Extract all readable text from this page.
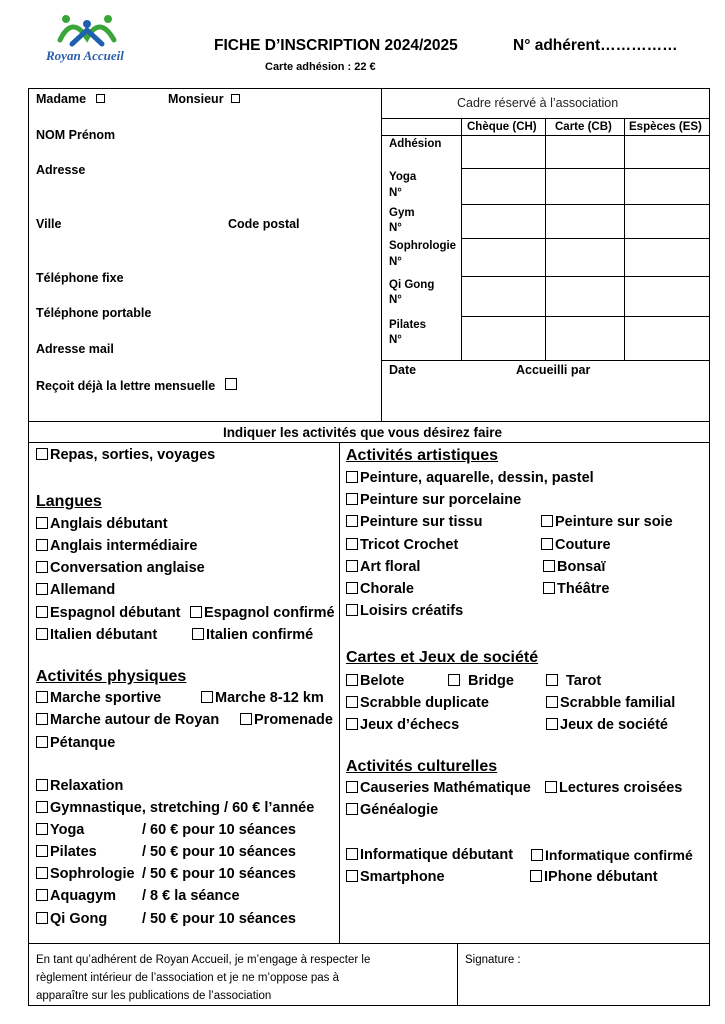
Royan Accueil
FICHE D’INSCRIPTION 2024/2025	N° adhérent……………
Carte adhésion : 22 €
Madame	Monsieur
NOM Prénom
Adresse
Ville	Code postal
Téléphone fixe
Téléphone portable
Adresse mail
Reçoit déjà la lettre mensuelle
Cadre réservé à l’association
Chèque (CH) Carte (CB) Espèces (ES)
Adhésion
Yoga
N°
Gym
N°
Sophrologie
N°
Qi Gong
N°
Pilates
N°
Date	Accueilli par
Indiquer les activités que vous désirez faire
Repas, sorties, voyages
Langues
Anglais débutant
Anglais intermédiaire
Conversation anglaise
Allemand
Espagnol débutant	Espagnol confirmé
Italien débutant	Italien confirmé
Activités physiques
Marche sportive	Marche 8-12 km
Marche autour de Royan	Promenade
Pétanque
Relaxation
Gymnastique, stretching / 60 € l’année
Yoga	/ 60 € pour 10 séances
Pilates	/ 50 € pour 10 séances
Sophrologie / 50 € pour 10 séances
Aquagym / 8 € la séance
Qi Gong / 50 € pour 10 séances
Activités artistiques
Peinture, aquarelle, dessin, pastel
Peinture sur porcelaine
Peinture sur tissu	Peinture sur soie
Tricot Crochet	Couture
Art floral	Bonsaï
Chorale	Théâtre
Loisirs créatifs
Cartes et Jeux de société
Belote	Bridge	Tarot
Scrabble duplicate	Scrabble familial
Jeux d’échecs	Jeux de société
Activités culturelles
Causeries Mathématique	Lectures croisées
Généalogie
Informatique débutant	Informatique confirmé
Smartphone	IPhone débutant
En tant qu’adhérent de Royan Accueil, je m’engage à respecter le
règlement intérieur de l’association et je ne m’oppose pas à
apparaître sur les publications de l’association
Signature :
